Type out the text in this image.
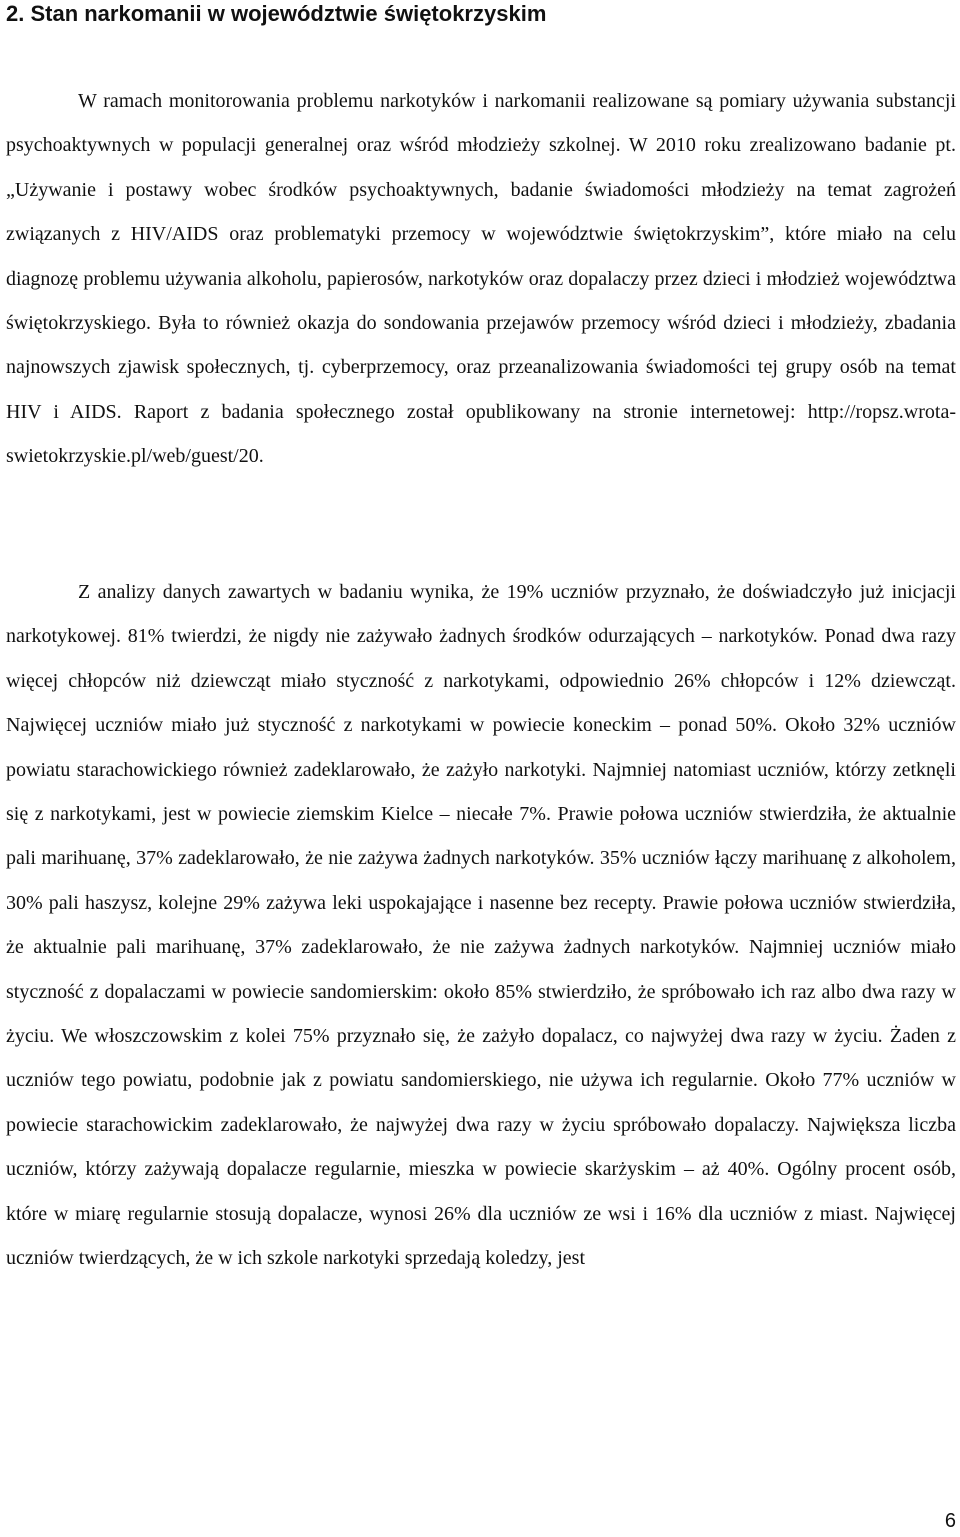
2. Stan narkomanii w województwie świętokrzyskim

W ramach monitorowania problemu narkotyków i narkomanii realizowane są pomiary używania substancji psychoaktywnych w populacji generalnej oraz wśród młodzieży szkolnej. W 2010 roku zrealizowano badanie pt. „Używanie i postawy wobec środków psychoaktywnych, badanie świadomości młodzieży na temat zagrożeń związanych z HIV/AIDS oraz problematyki przemocy w województwie świętokrzyskim”, które miało na celu diagnozę problemu używania alkoholu, papierosów, narkotyków oraz dopalaczy przez dzieci i młodzież województwa świętokrzyskiego. Była to również okazja do sondowania przejawów przemocy wśród dzieci i młodzieży, zbadania najnowszych zjawisk społecznych, tj. cyberprzemocy, oraz przeanalizowania świadomości tej grupy osób na temat HIV i AIDS. Raport z badania społecznego został opublikowany na stronie internetowej: http://ropsz.wrota-swietokrzyskie.pl/web/guest/20.

Z analizy danych zawartych w badaniu wynika, że 19% uczniów przyznało, że doświadczyło już inicjacji narkotykowej. 81% twierdzi, że nigdy nie zażywało żadnych środków odurzających – narkotyków. Ponad dwa razy więcej chłopców niż dziewcząt miało styczność z narkotykami, odpowiednio 26% chłopców i 12% dziewcząt. Najwięcej uczniów miało już styczność z narkotykami w powiecie koneckim – ponad 50%. Około 32% uczniów powiatu starachowickiego również zadeklarowało, że zażyło narkotyki. Najmniej natomiast uczniów, którzy zetknęli się z narkotykami, jest w powiecie ziemskim Kielce – niecałe 7%. Prawie połowa uczniów stwierdziła, że aktualnie pali marihuanę, 37% zadeklarowało, że nie zażywa żadnych narkotyków. 35% uczniów łączy marihuanę z alkoholem, 30% pali haszysz, kolejne 29% zażywa leki uspokajające i nasenne bez recepty. Prawie połowa uczniów stwierdziła, że aktualnie pali marihuanę, 37% zadeklarowało, że nie zażywa żadnych narkotyków. Najmniej uczniów miało styczność z dopalaczami w powiecie sandomierskim: około 85% stwierdziło, że spróbowało ich raz albo dwa razy w życiu. We włoszczowskim z kolei 75% przyznało się, że zażyło dopalacz, co najwyżej dwa razy w życiu. Żaden z uczniów tego powiatu, podobnie jak z powiatu sandomierskiego, nie używa ich regularnie. Około 77% uczniów w powiecie starachowickim zadeklarowało, że najwyżej dwa razy w życiu spróbowało dopalaczy. Największa liczba uczniów, którzy zażywają dopalacze regularnie, mieszka w powiecie skarżyskim – aż 40%. Ogólny procent osób, które w miarę regularnie stosują dopalacze, wynosi 26% dla uczniów ze wsi i 16% dla uczniów z miast. Najwięcej uczniów twierdzących, że w ich szkole narkotyki sprzedają koledzy, jest

6
